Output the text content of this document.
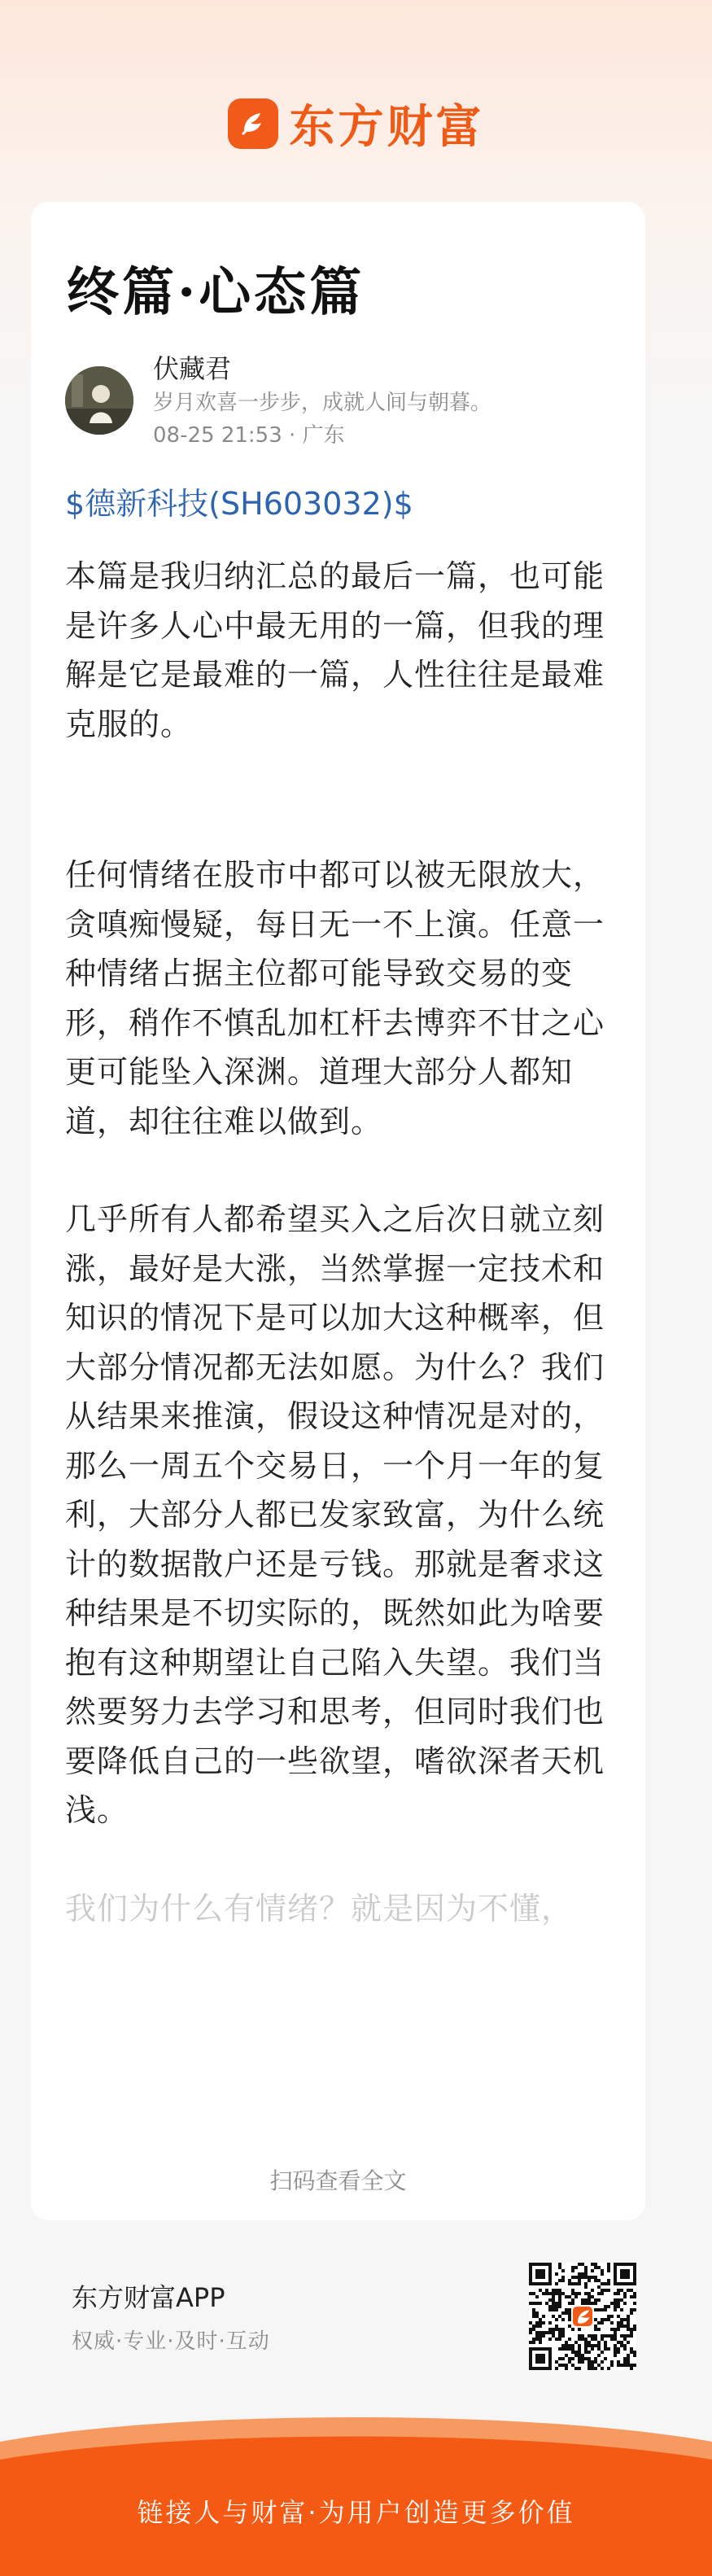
东方财富
终篇·心态篇
伏藏君
岁月欢喜一步步，成就人间与朝暮。
08-25 21:53 · 广东
$德新科技(SH603032)$

本篇是我归纳汇总的最后一篇，也可能是许多人心中最无用的一篇，但我的理解是它是最难的一篇，人性往往是最难克服的。

任何情绪在股市中都可以被无限放大，贪嗔痴慢疑，每日无一不上演。任意一种情绪占据主位都可能导致交易的变形，稍作不慎乱加杠杆去博弈不甘之心更可能坠入深渊。道理大部分人都知道，却往往难以做到。

几乎所有人都希望买入之后次日就立刻涨，最好是大涨，当然掌握一定技术和知识的情况下是可以加大这种概率，但大部分情况都无法如愿。为什么？我们从结果来推演，假设这种情况是对的，那么一周五个交易日，一个月一年的复利，大部分人都已发家致富，为什么统计的数据散户还是亏钱。那就是奢求这种结果是不切实际的，既然如此为啥要抱有这种期望让自己陷入失望。我们当然要努力去学习和思考，但同时我们也要降低自己的一些欲望，嗜欲深者天机浅。

我们为什么有情绪？就是因为不懂，

扫码查看全文
东方财富APP
权威·专业·及时·互动
链接人与财富·为用户创造更多价值
